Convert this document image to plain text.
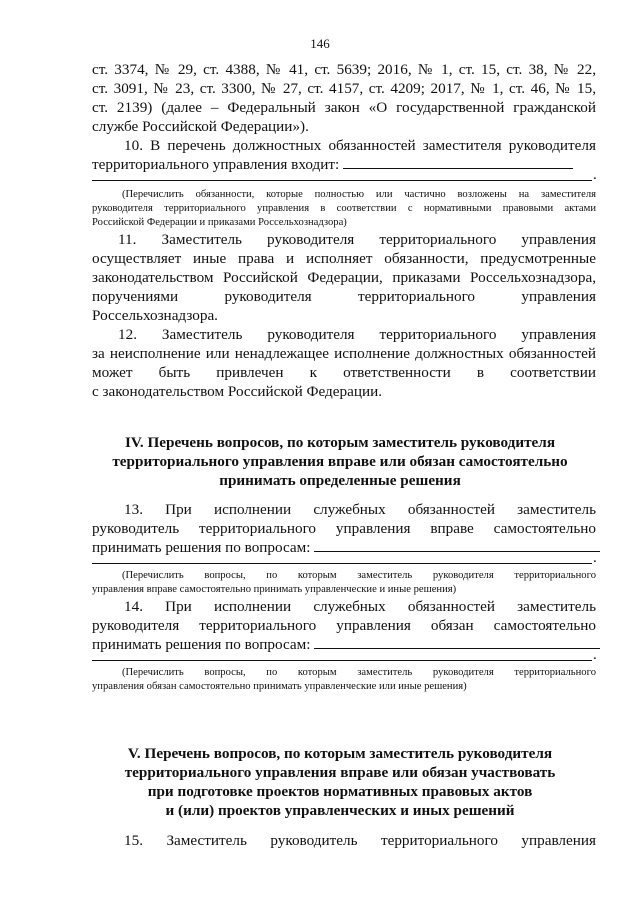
146
ст. 3374, № 29, ст. 4388, № 41, ст. 5639; 2016, № 1, ст. 15, ст. 38, № 22,
ст. 3091, № 23, ст. 3300, № 27, ст. 4157, ст. 4209; 2017, № 1, ст. 46, № 15,
ст. 2139) (далее – Федеральный закон «О государственной гражданской
службе Российской Федерации»).
10. В перечень должностных обязанностей заместителя руководителя
территориального управления входит:
.
(Перечислить обязанности, которые полностью или частично возложены на заместителя
руководителя территориального управления в соответствии с нормативными правовыми актами
Российской Федерации и приказами Россельхознадзора)
11. Заместитель руководителя территориального управления
осуществляет иные права и исполняет обязанности, предусмотренные
законодательством Российской Федерации, приказами Россельхознадзора,
поручениями руководителя территориального управления
Россельхознадзора.
12. Заместитель руководителя территориального управления
за неисполнение или ненадлежащее исполнение должностных обязанностей
может быть привлечен к ответственности в соответствии
с законодательством Российской Федерации.
IV. Перечень вопросов, по которым заместитель руководителя
территориального управления вправе или обязан самостоятельно
принимать определенные решения
13. При исполнении служебных обязанностей заместитель
руководитель территориального управления вправе самостоятельно
принимать решения по вопросам:
.
(Перечислить вопросы, по которым заместитель руководителя территориального
управления вправе самостоятельно принимать управленческие и иные решения)
14. При исполнении служебных обязанностей заместитель
руководителя территориального управления обязан самостоятельно
принимать решения по вопросам:
.
(Перечислить вопросы, по которым заместитель руководителя территориального
управления обязан самостоятельно принимать управленческие или иные решения)
V. Перечень вопросов, по которым заместитель руководителя
территориального управления вправе или обязан участвовать
при подготовке проектов нормативных правовых актов
и (или) проектов управленческих и иных решений
15. Заместитель руководитель территориального управления
